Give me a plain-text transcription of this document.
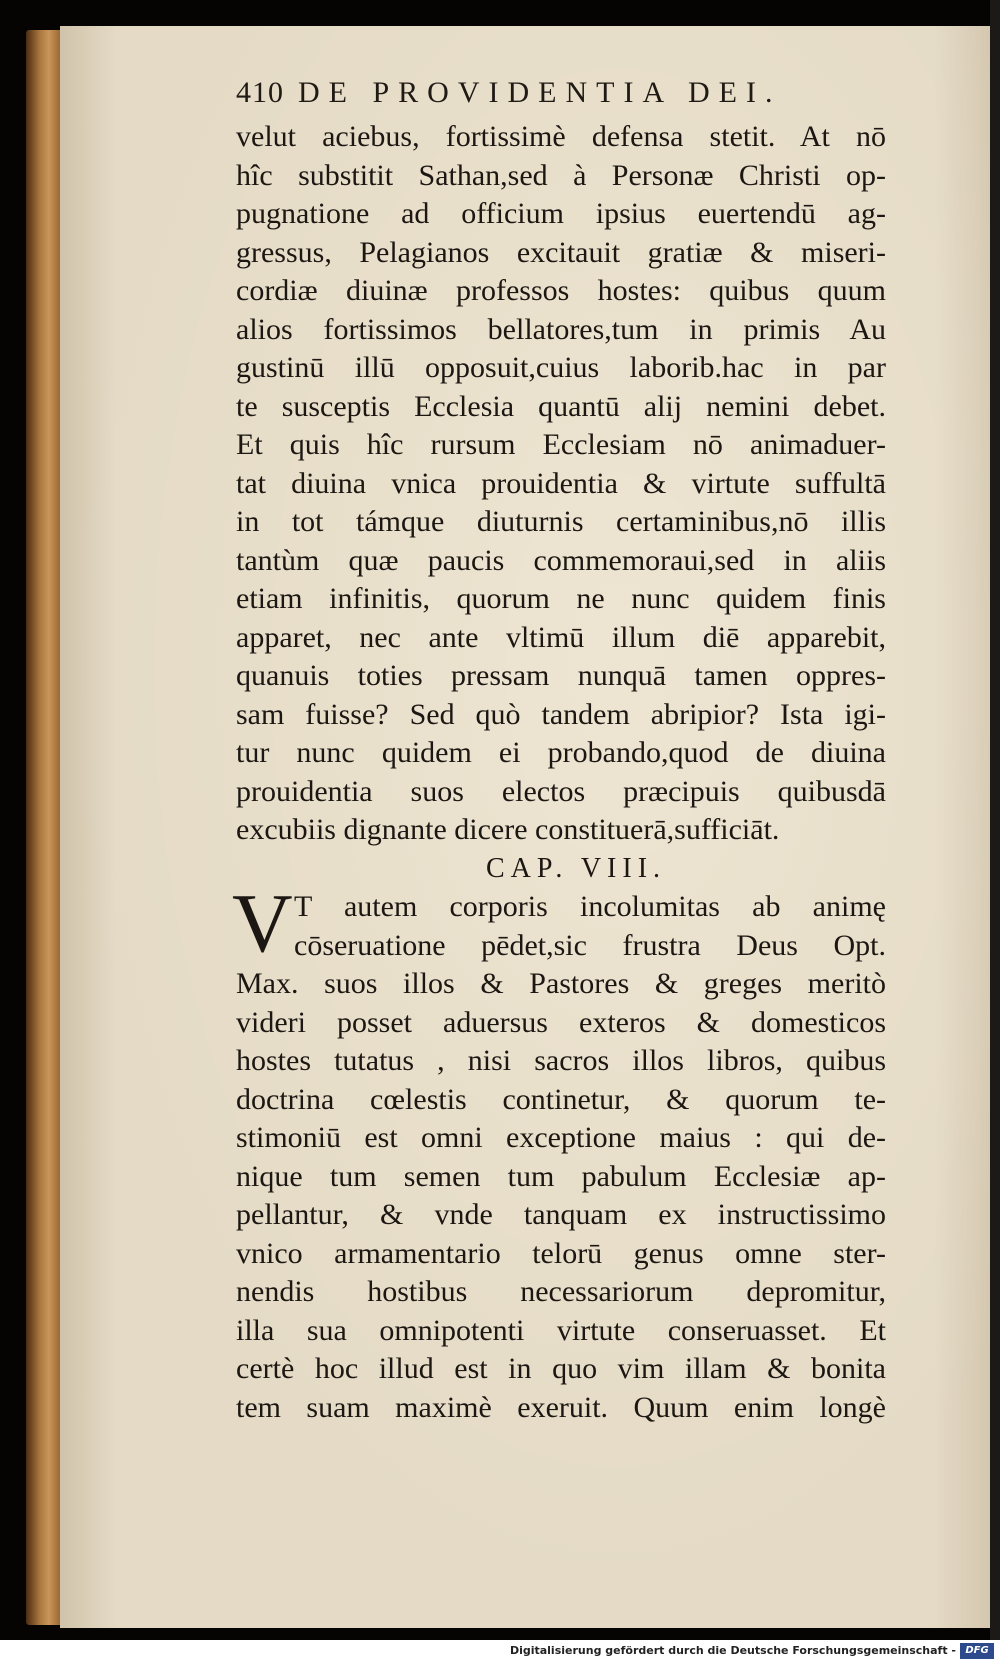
410 DE PROVIDENTIA DEI.
velut aciebus, fortissimè defensa stetit. At nō
hîc substitit Sathan,sed à Personæ Christi op-
pugnatione ad officium ipsius euertendū ag-
gressus, Pelagianos excitauit gratiæ & miseri-
cordiæ diuinæ professos hostes: quibus quum
alios fortissimos bellatores,tum in primis Au
gustinū illū opposuit,cuius laborib.hac in par
te susceptis Ecclesia quantū alij nemini debet.
Et quis hîc rursum Ecclesiam nō animaduer-
tat diuina vnica prouidentia & virtute suffultā
in tot támque diuturnis certaminibus,nō illis
tantùm quæ paucis commemoraui,sed in aliis
etiam infinitis, quorum ne nunc quidem finis
apparet, nec ante vltimū illum diē apparebit,
quanuis toties pressam nunquā tamen oppres-
sam fuisse? Sed quò tandem abripior? Ista igi-
tur nunc quidem ei probando,quod de diuina
prouidentia suos electos præcipuis quibusdā
excubiis dignante dicere constituerā,sufficiāt.
CAP. VIII.
V T autem corporis incolumitas ab animę
cōseruatione pēdet,sic frustra Deus Opt.
Max. suos illos & Pastores & greges meritò
videri posset aduersus exteros & domesticos
hostes tutatus , nisi sacros illos libros, quibus
doctrina cœlestis continetur, & quorum te-
stimoniū est omni exceptione maius : qui de-
nique tum semen tum pabulum Ecclesiæ ap-
pellantur, & vnde tanquam ex instructissimo
vnico armamentario telorū genus omne ster-
nendis hostibus necessariorum depromitur,
illa sua omnipotenti virtute conseruasset. Et
certè hoc illud est in quo vim illam & bonita
tem suam maximè exeruit. Quum enim longè
Digitalisierung gefördert durch die Deutsche Forschungsgemeinschaft - DFG
